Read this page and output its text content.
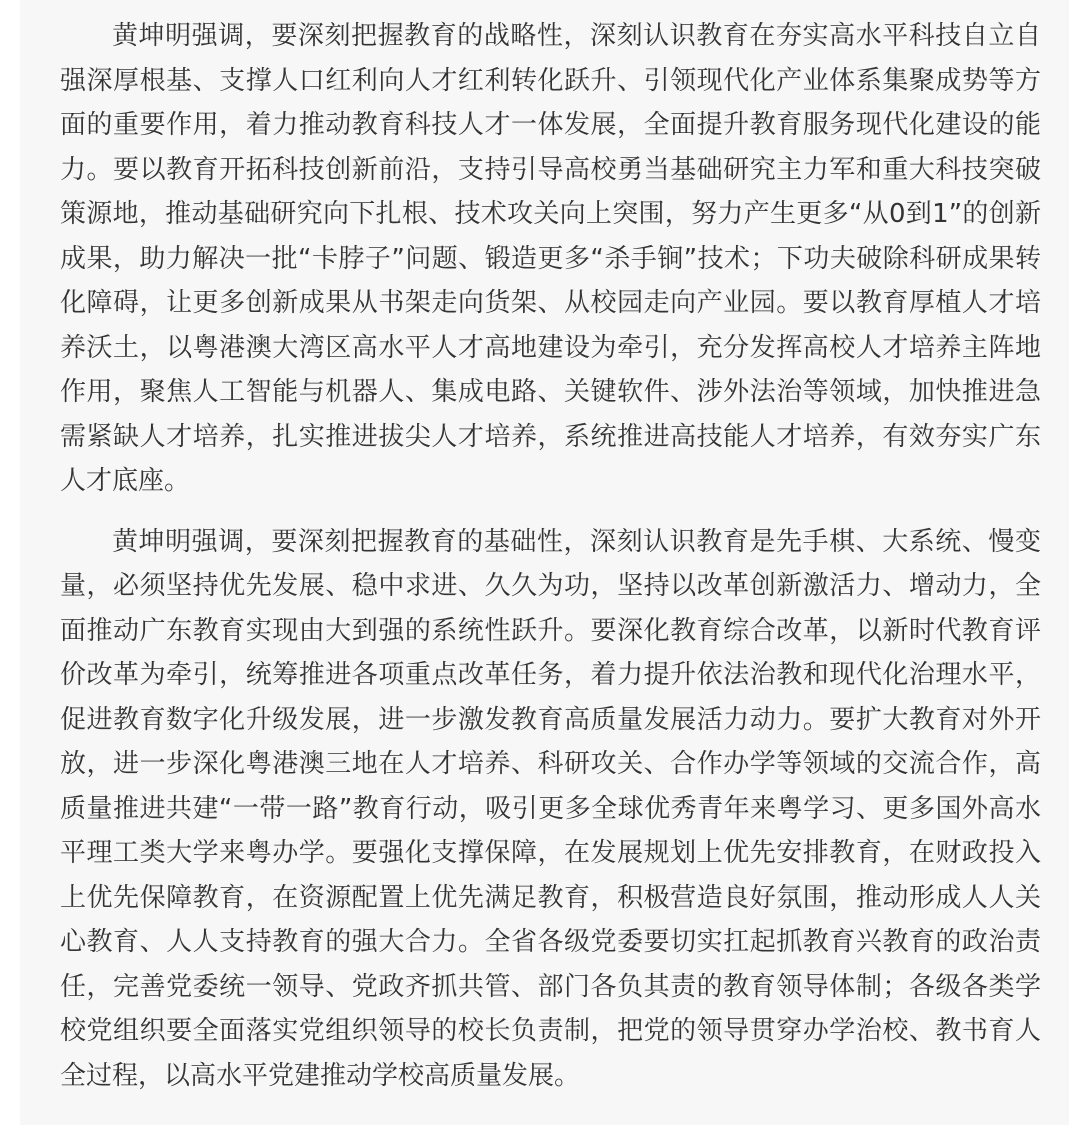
黄坤明强调，要深刻把握教育的战略性，深刻认识教育在夯实高水平科技自立自强深厚根基、支撑人口红利向人才红利转化跃升、引领现代化产业体系集聚成势等方面的重要作用，着力推动教育科技人才一体发展，全面提升教育服务现代化建设的能力。要以教育开拓科技创新前沿，支持引导高校勇当基础研究主力军和重大科技突破策源地，推动基础研究向下扎根、技术攻关向上突围，努力产生更多“从0到1”的创新成果，助力解决一批“卡脖子”问题、锻造更多“杀手锏”技术；下功夫破除科研成果转化障碍，让更多创新成果从书架走向货架、从校园走向产业园。要以教育厚植人才培养沃土，以粤港澳大湾区高水平人才高地建设为牵引，充分发挥高校人才培养主阵地作用，聚焦人工智能与机器人、集成电路、关键软件、涉外法治等领域，加快推进急需紧缺人才培养，扎实推进拔尖人才培养，系统推进高技能人才培养，有效夯实广东人才底座。

黄坤明强调，要深刻把握教育的基础性，深刻认识教育是先手棋、大系统、慢变量，必须坚持优先发展、稳中求进、久久为功，坚持以改革创新激活力、增动力，全面推动广东教育实现由大到强的系统性跃升。要深化教育综合改革，以新时代教育评价改革为牵引，统筹推进各项重点改革任务，着力提升依法治教和现代化治理水平，促进教育数字化升级发展，进一步激发教育高质量发展活力动力。要扩大教育对外开放，进一步深化粤港澳三地在人才培养、科研攻关、合作办学等领域的交流合作，高质量推进共建“一带一路”教育行动，吸引更多全球优秀青年来粤学习、更多国外高水平理工类大学来粤办学。要强化支撑保障，在发展规划上优先安排教育，在财政投入上优先保障教育，在资源配置上优先满足教育，积极营造良好氛围，推动形成人人关心教育、人人支持教育的强大合力。全省各级党委要切实扛起抓教育兴教育的政治责任，完善党委统一领导、党政齐抓共管、部门各负其责的教育领导体制；各级各类学校党组织要全面落实党组织领导的校长负责制，把党的领导贯穿办学治校、教书育人全过程，以高水平党建推动学校高质量发展。
